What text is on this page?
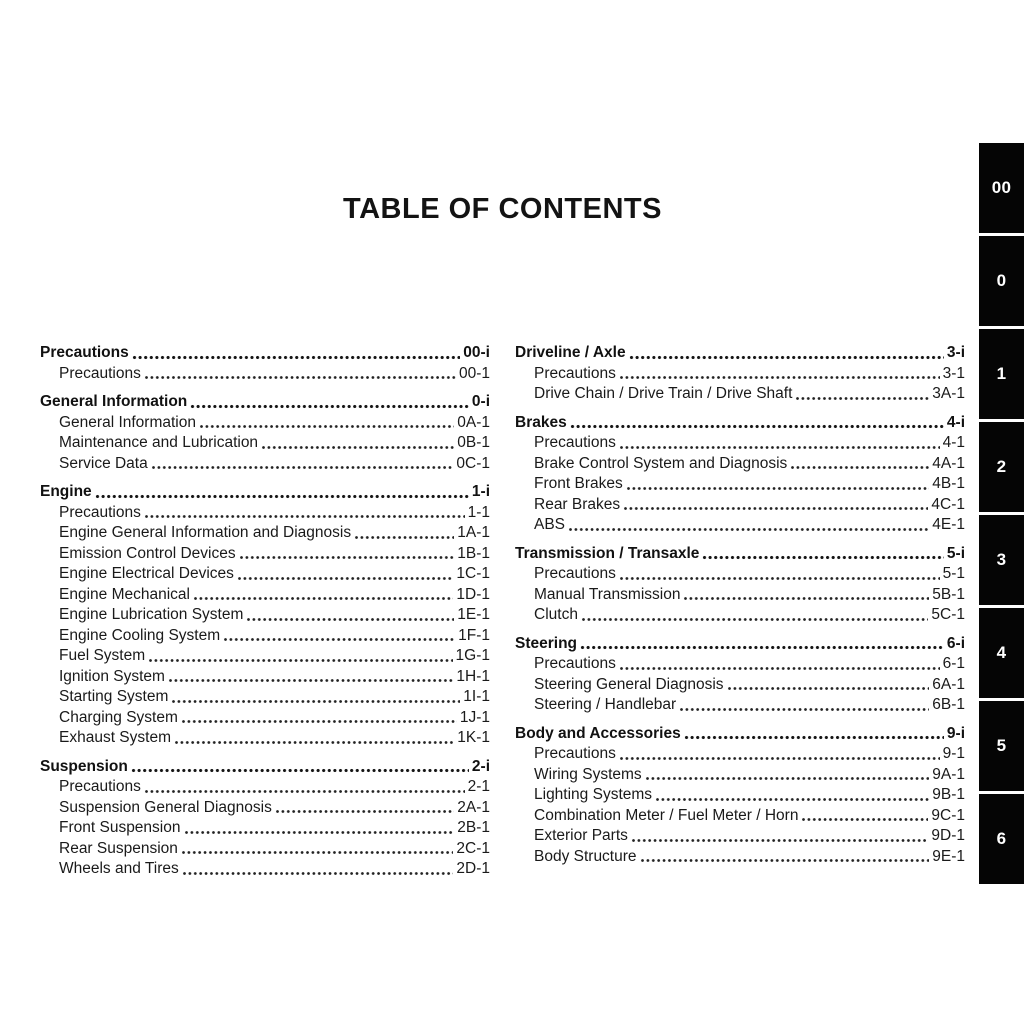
TABLE OF CONTENTS
Precautions	00-i
Precautions	00-1
General Information	0-i
General Information	0A-1
Maintenance and Lubrication	0B-1
Service Data	0C-1
Engine	1-i
Precautions	1-1
Engine General Information and Diagnosis	1A-1
Emission Control Devices	1B-1
Engine Electrical Devices	1C-1
Engine Mechanical	1D-1
Engine Lubrication System	1E-1
Engine Cooling System	1F-1
Fuel System	1G-1
Ignition System	1H-1
Starting System	1I-1
Charging System	1J-1
Exhaust System	1K-1
Suspension	2-i
Precautions	2-1
Suspension General Diagnosis	2A-1
Front Suspension	2B-1
Rear Suspension	2C-1
Wheels and Tires	2D-1
Driveline / Axle	3-i
Precautions	3-1
Drive Chain / Drive Train / Drive Shaft	3A-1
Brakes	4-i
Precautions	4-1
Brake Control System and Diagnosis	4A-1
Front Brakes	4B-1
Rear Brakes	4C-1
ABS	4E-1
Transmission / Transaxle	5-i
Precautions	5-1
Manual Transmission	5B-1
Clutch	5C-1
Steering	6-i
Precautions	6-1
Steering General Diagnosis	6A-1
Steering / Handlebar	6B-1
Body and Accessories	9-i
Precautions	9-1
Wiring Systems	9A-1
Lighting Systems	9B-1
Combination Meter / Fuel Meter / Horn	9C-1
Exterior Parts	9D-1
Body Structure	9E-1
00
0
1
2
3
4
5
6
